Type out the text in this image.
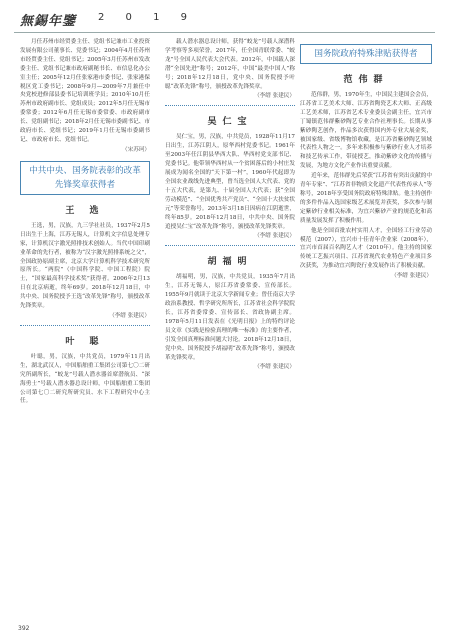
無錫年鑒 2 0 1 9

月任苏州市经贸委主任、党组书记兼市工业投资发展有限公司董事长、党委书记；2004年4月任苏州市经贸委主任、党组书记；2005年3月任苏州市发改委主任、党组书记兼市政府副秘书长、市信息化办公室主任；2005年12月任张家港市委书记、张家港保税区党工委书记；2008年9月—2009年7月兼任中央党校进修部县委书记培训班学员；2010年10月任苏州市政府副市长、党组成员；2012年5月任无锡市委常委；2012年6月任无锡市委常委、市政府副市长、党组副书记；2018年2月任无锡市委副书记、市政府市长、党组书记；2019年1月任无锡市委副书记、市政府市长、党组书记。

（宋苏珂）
中共中央、国务院表彰的改革先锋奖章获得者
王 选

王选，男，汉族，九三学社社员，1937年2月5日出生于上海，江苏无锡人，计算机文字信息处理专家，计算机汉字激光照排技术创始人。当代中国印刷业革命的先行者，被称为“汉字激光照排系统之父”，全国政协原副主席，北京大学计算机科学技术研究所原所长。“两院”（中国科学院、中国工程院）院士，“国家最高科学技术奖”获得者。2006年2月13日在北京病逝，终年69岁。2018年12月18日，中共中央、国务院授予王选“改革先锋”称号，颁授改革先锋奖章。

（李缙 张建民）
叶 聪

叶聪，男，汉族，中共党员，1979年11月出生，湖北武汉人，中国船舶重工集团公司第七〇二研究所副所长，“蛟龙”号载人潜水器首席潜航员、“深海勇士”号载人潜水器总设计师，中国船舶重工集团公司第七〇二研究所研究员、水下工程研究中心主任。

载人潜水器总设计师，获得“蛟龙”号载人深潜科学考察等多项荣誉。2017年，任全国青联常委、“蛟龙”号全国人民代表大会代表。2012年，中国载人深潜“全国先进”称号；2012年，中国“最美中国人”称号；2018年12月18日，党中央、国务院授予叶聪“改革先锋”称号，颁授改革先锋奖章。

（李缙 张建民）
吴仁宝

吴仁宝，男，汉族，中共党员，1928年11月17日出生，江苏江阴人，原华西村党委书记。1961年至2003年任江阴县华西大队、华西村党支部书记、党委书记。他带领华西村从一个贫困落后的小村庄发展成为闻名全国的“天下第一村”，1960年代起即为全国农业战线先进典型，曾当选全国人大代表、党的十五大代表，是第九、十届全国人大代表；获“全国劳动模范”、“全国优秀共产党员”、“全国十大扶贫状元”等荣誉称号。2013年3月18日因病在江阴逝世，终年85岁。2018年12月18日，中共中央、国务院追授吴仁宝“改革先锋”称号，颁授改革先锋奖章。

（李缙 张建民）
胡福明

胡福明，男，汉族，中共党员，1935年7月出生，江苏无锡人，原江苏省委常委、宣传部长。1955年9月就读于北京大学新闻专业；曾任南京大学政治系教授、哲学研究所所长，江苏省社会科学院院长，江苏省委常委、宣传部长、省政协副主席。1978年5月11日发表在《光明日报》上的特约评论员文章《实践是检验真理的唯一标准》的主要作者，引发全国真理标准问题大讨论。2018年12月18日，党中央、国务院授予胡福明“改革先锋”称号，颁授改革先锋奖章。

（李缙 张建民）
国务院政府特殊津贴获得者
范伟群

范伟群，男，1970年生，中国民主建国会会员，江苏省工艺美术大师、江苏省陶瓷艺术大师、正高级工艺美术师，江苏省艺术专业委员会副主任，宜兴市丁蜀镇范伟群紫砂陶艺专业合作社理事长。长期从事紫砂陶艺创作，作品多次获得国内外专业大展金奖，被国家级、省级博物馆收藏，是江苏省紫砂陶艺领域代表性人物之一。多年来积极参与紫砂行业人才培养和技艺传承工作，带徒授艺，推动紫砂文化的传播与发展，为地方文化产业作出重要贡献。

近年来，范伟群先后荣获“江苏省有突出贡献的中青年专家”、“江苏省非物质文化遗产代表性传承人”等称号，2018年享受国务院政府特殊津贴。他主持创作的多件作品入选国家级艺术展览并获奖，多次参与制定紫砂行业相关标准，为宜兴紫砂产业的规范化和高质量发展发挥了积极作用。

他是全国首批农村实用人才，全国轻工行业劳动模范（2007），宜兴市十佳青年企业家（2008年），宜兴市首届百名陶艺人才（2010年）。他主持的国家传统工艺振兴项目、江苏省现代农业特色产业项目多次获奖，为推动宜兴陶瓷行业发展作出了积极贡献。

（李缙 张建民）
392
